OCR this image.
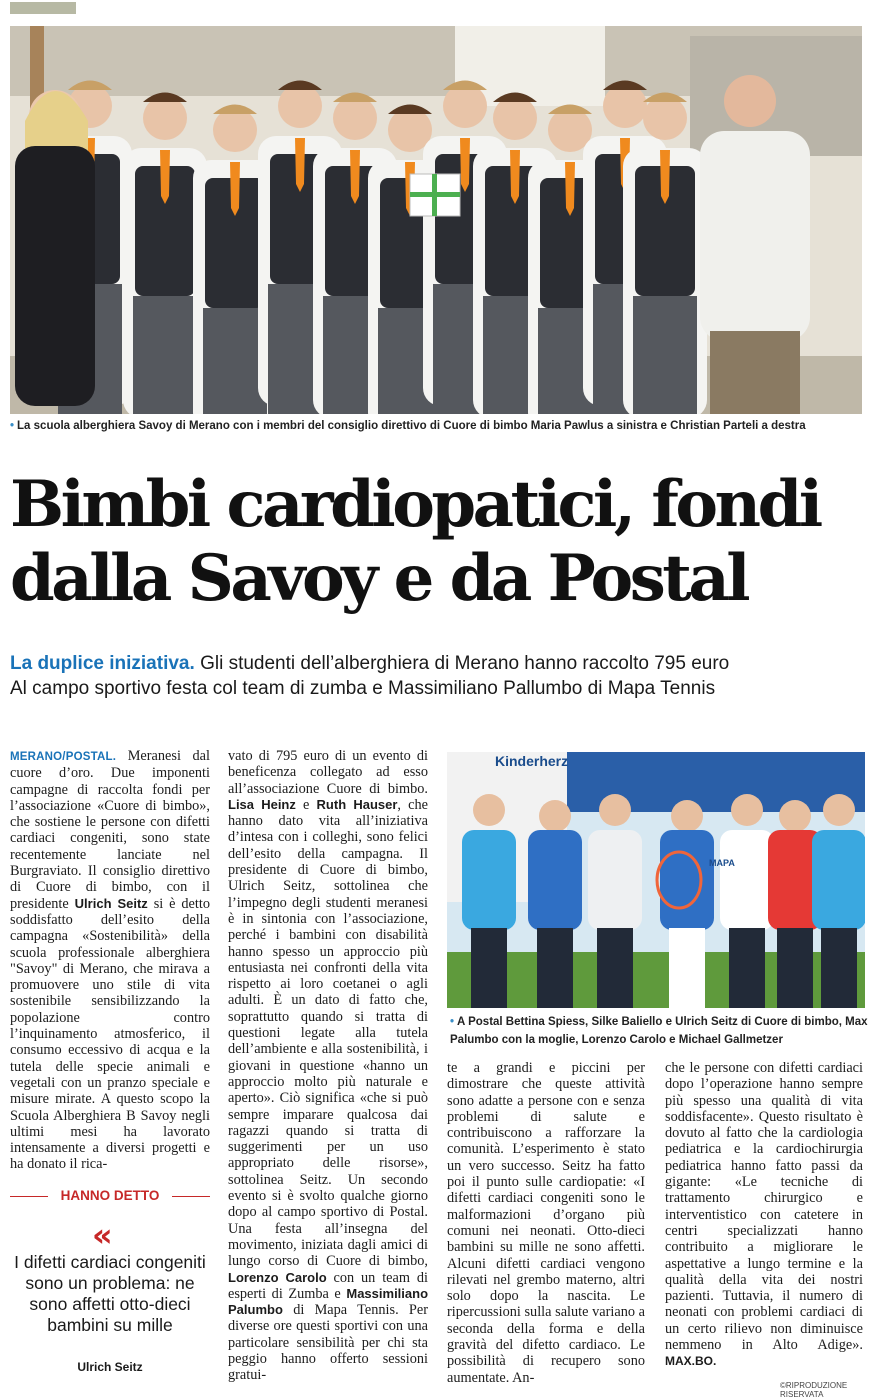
• La scuola alberghiera Savoy di Merano con i membri del consiglio direttivo di Cuore di bimbo Maria Pawlus a sinistra e Christian Parteli a destra
Bimbi cardiopatici, fondi dalla Savoy e da Postal
La duplice iniziativa. Gli studenti dell’alberghiera di Merano hanno raccolto 795 euro
Al campo sportivo festa col team di zumba e Massimiliano Pallumbo di Mapa Tennis

MERANO/POSTAL. Meranesi dal cuore d’oro. Due imponenti campagne di raccolta fondi per l’associazione «Cuore di bimbo», che sostiene le persone con difetti cardiaci congeniti, sono state recentemente lanciate nel Burgraviato. Il consiglio direttivo di Cuore di bimbo, con il presidente Ulrich Seitz si è detto soddisfatto dell’esito della campagna «Sostenibilità» della scuola professionale alberghiera "Savoy" di Merano, che mirava a promuovere uno stile di vita sostenibile sensibilizzando la popolazione contro l’inquinamento atmosferico, il consumo eccessivo di acqua e la tutela delle specie animali e vegetali con un pranzo speciale e misure mirate. A questo scopo la Scuola Alberghiera B Savoy negli ultimi mesi ha lavorato intensamente a diversi progetti e ha donato il rica-

HANNO DETTO
«
I difetti cardiaci congeniti sono un problema: ne sono affetti otto-dieci bambini su mille
Ulrich Seitz

vato di 795 euro di un evento di beneficenza collegato ad esso all’associazione Cuore di bimbo. Lisa Heinz e Ruth Hauser, che hanno dato vita all’iniziativa d’intesa con i colleghi, sono felici dell’esito della campagna. Il presidente di Cuore di bimbo, Ulrich Seitz, sottolinea che l’impegno degli studenti meranesi è in sintonia con l’associazione, perché i bambini con disabilità hanno spesso un approccio più entusiasta nei confronti della vita rispetto ai loro coetanei o agli adulti. È un dato di fatto che, soprattutto quando si tratta di questioni legate alla tutela dell’ambiente e alla sostenibilità, i giovani in questione «hanno un approccio molto più naturale e aperto». Ciò significa «che si può sempre imparare qualcosa dai ragazzi quando si tratta di suggerimenti per un uso appropriato delle risorse», sottolinea Seitz. Un secondo evento si è svolto qualche giorno dopo al campo sportivo di Postal. Una festa all’insegna del movimento, iniziata dagli amici di lungo corso di Cuore di bimbo, Lorenzo Carolo con un team di esperti di Zumba e Massimiliano Palumbo di Mapa Tennis. Per diverse ore questi sportivi con una particolare sensibilità per chi sta peggio hanno offerto sessioni gratui-

Kinderherz
MAPA
• A Postal Bettina Spiess, Silke Baliello e Ulrich Seitz di Cuore di bimbo, Max Palumbo con la moglie, Lorenzo Carolo e Michael Gallmetzer

te a grandi e piccini per dimostrare che queste attività sono adatte a persone con e senza problemi di salute e contribuiscono a rafforzare la comunità. L’esperimento è stato un vero successo. Seitz ha fatto poi il punto sulle cardiopatie: «I difetti cardiaci congeniti sono le malformazioni d’organo più comuni nei neonati. Otto-dieci bambini su mille ne sono affetti. Alcuni difetti cardiaci vengono rilevati nel grembo materno, altri solo dopo la nascita. Le ripercussioni sulla salute variano a seconda della forma e della gravità del difetto cardiaco. Le possibilità di recupero sono aumentate. An-

che le persone con difetti cardiaci dopo l’operazione hanno sempre più spesso una qualità di vita soddisfacente». Questo risultato è dovuto al fatto che la cardiologia pediatrica e la cardiochirurgia pediatrica hanno fatto passi da gigante: «Le tecniche di trattamento chirurgico e interventistico con catetere in centri specializzati hanno contribuito a migliorare le aspettative a lungo termine e la qualità della vita dei nostri pazienti. Tuttavia, il numero di neonati con problemi cardiaci di un certo rilievo non diminuisce nemmeno in Alto Adige». MAX.BO.

©RIPRODUZIONE RISERVATA
